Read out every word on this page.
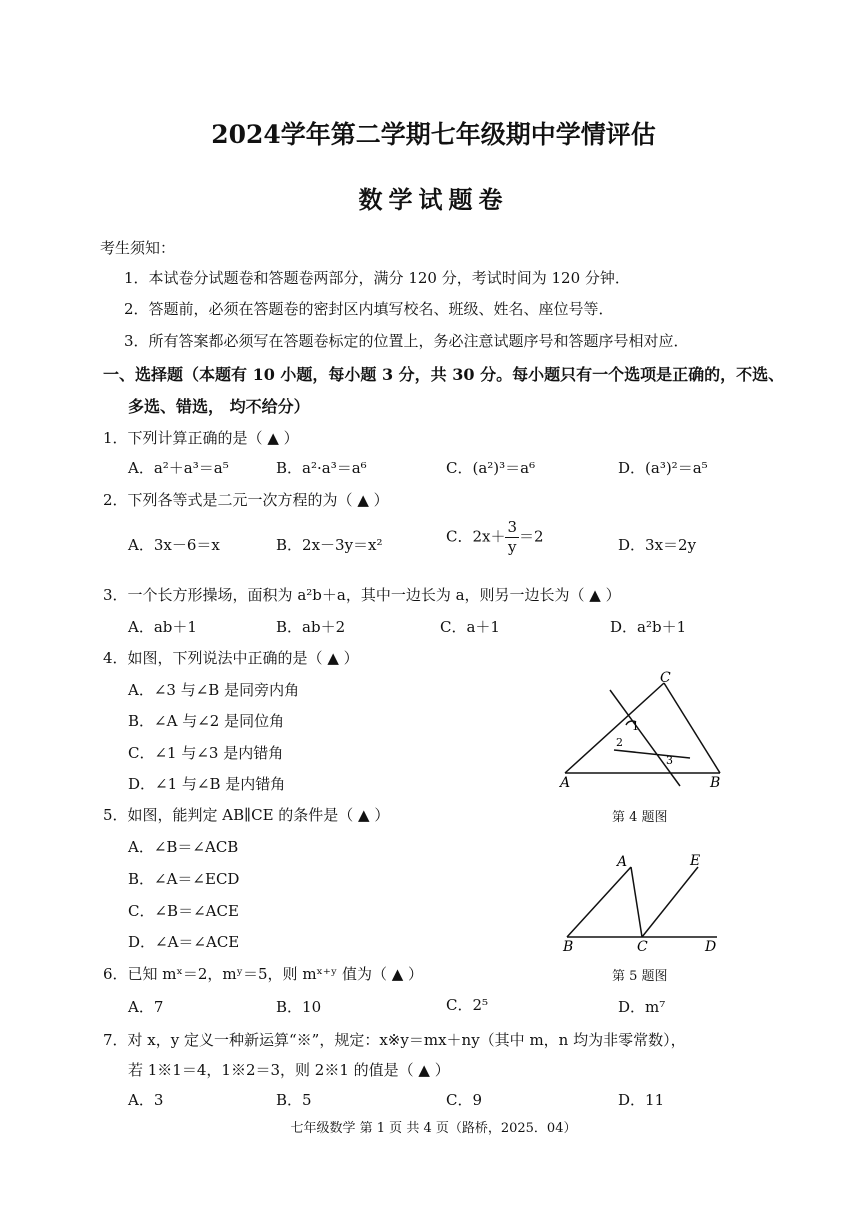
2024学年第二学期七年级期中学情评估
数学试题卷
考生须知：
1．本试卷分试题卷和答题卷两部分，满分 120 分，考试时间为 120 分钟．
2．答题前，必须在答题卷的密封区内填写校名、班级、姓名、座位号等．
3．所有答案都必须写在答题卷标定的位置上，务必注意试题序号和答题序号相对应．
一、选择题（本题有 10 小题，每小题 3 分，共 30 分。每小题只有一个选项是正确的，不选、
多选、错选， 均不给分）
1．下列计算正确的是（ ▲ ）
A．a²＋a³＝a⁵	B．a²·a³＝a⁶	C．(a²)³＝a⁶	D．(a³)²＝a⁵
2．下列各等式是二元一次方程的为（ ▲ ）
A．3x－6＝x	B．2x－3y＝x²	C．$2x+ \frac{3}{y} =2$	D．3x＝2y
3．一个长方形操场，面积为 a²b＋a，其中一边长为 a，则另一边长为（ ▲ ）
A．ab＋1	B．ab＋2	C．a＋1	D．a²b＋1
4．如图，下列说法中正确的是（ ▲ ）
A．∠3 与∠B 是同旁内角
B．∠A 与∠2 是同位角
C．∠1 与∠3 是内错角
D．∠1 与∠B 是内错角
C
A	B
1
2
3
第 4 题图
5．如图，能判定 AB∥CE 的条件是（ ▲ ）
A．∠B＝∠ACB
B．∠A＝∠ECD
C．∠B＝∠ACE
D．∠A＝∠ACE
A	E
B	C	D
第 5 题图
6．已知 mˣ＝2，mʸ＝5，则 mˣ⁺ʸ 值为（ ▲ ）
A．7	B．10	C．2⁵	D．m⁷
7．对 x，y 定义一种新运算“※”，规定：x※y＝mx＋ny（其中 m，n 均为非零常数），
若 1※1＝4，1※2＝3，则 2※1 的值是（ ▲ ）
A．3	B．5	C．9	D．11
七年级数学 第 1 页 共 4 页（路桥，2025．04）
